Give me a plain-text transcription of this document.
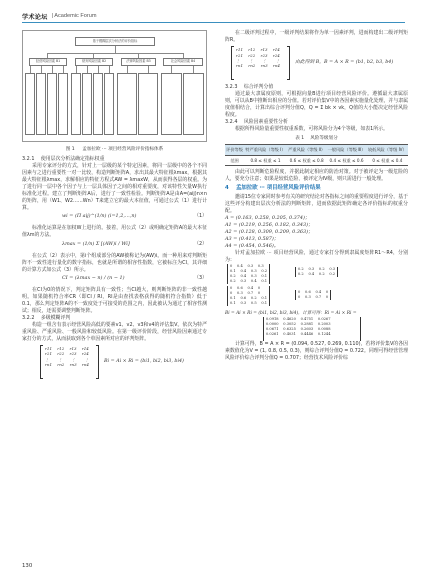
学术论坛 | Academic Forum
基于模糊层次分析法的评价指标
经营风险因素 B1	财务风险因素 B2	法律风险因素 B3	社会风险因素 B4
图 1 　 孟加拉欧 ⋯ 项目经营风险评价指标体系

3.2.1 　使用层次分析法确定指标权重

采用专家评分的方式，针对上一层级的某个特定因素，将同一层级中的各个不同因素与之进行重要性一对一比较，构造判断矩阵A，求出其最大特征根λmax，根据其最大特征根λmax，求解相应的特征方程式AW = λmaxW，从而获得各层的权重。为了进行同一层中各个因子与上一层具体因子之间的相对重要度，对该特性矢量W执行标准化过程。建立了判断矩阵A后，进行了一致性检验。判断矩阵A是由A=(aij)n×n的矩阵，用（W1、W2……Wn）T来建立它的最大本征值，可通过公式（1）进行计算。

wi = (Π aij)^(1/n) (i=1,2,…,n)	（1）

标准化运算是在加权W上进行的。接着，用公式（2）或明确定矩阵A的最大本征值λm的方法。

λmax = (1/n) Σ [(AW)i / Wi]	（2）

在公式（2）表示中，第i个组成部分的AW被称记为(AW)i。而一种用来对判断矩阵不一致性进行量化的数字指标，也就是所谓的相容性指数，它被标注为CI，其详细的计算方式如公式（3）所示。

CI = (λmax − n) / (n − 1)	（3）

在CI为0的情况下，判定矩阵具有一致性；当CI越大，则判断矩阵的非一致性越明。如果随机符合率CR（即CI / RI，RI是由查找表格获得的随机符合指数）低于0.1，那么判定矩阵A的不一致度处于可接受的范围之内，因此被认为通过了相容性测试；相反，还需要调整判断矩阵。

3.2.2 　多级模糊评判

构造一组含有表示经营风险高低的要素v1、v2、v3和v4的评估集V。依次为特严重风险、严重风险、一般风险和较低风险。在第一级评价阶段，经营风险因素通过专家打分的方式，从而获取到各个单因素所对应的评判矩阵。

r11 　r12 　r13 　r14
r21 　r22 　r23 　r24
⋮ 　　⋮ 　　⋮ 　　⋮
rn1 　rn2 　rn3 　rn4
Bi = Ai × Ri = (bi1, bi2, bi3, bi4)

在二级评判过程中，一级评判结果将作为单一因素评判，进而构建出二级评判矩阵R。

r11 　r12 　r13 　r14
r21 　r22 　r23 　r24
⋮ 　　⋮ 　　⋮ 　　⋮
rn1 　rn2 　rn3 　rn4
由此得到 B，B = A × R = (b1, b2, b3, b4)

3.2.3 　综合评判分值

通过最大隶属度原则，可根据向量B进行项目经营风险评价。遵循最大隶属原则，可以从B中推断出相应的分值。若对评价集V中的各因素实施量化处理，并与隶属度值相结合，计算出综合评判分值Q，Q = Σ bk × vk，Q值的大小能决定经营风险程度。

3.2.4 　风险因素重要性分析

根据所得风险量重要性权重系数，可将风险分为4个等级，如表1所示。

表 1 　风险等级划分
评价等级	特严重风险（等级 Ⅰ）	严重风险（等级 Ⅱ）	一般风险（等级 Ⅲ）	较低风险（等级 Ⅳ）
范围	0.8 ≤ 权重 ≤ 1	0.6 ≤ 权重 ≤ 0.8	0.4 ≤ 权重 ≤ 0.6	0 ≤ 权重 ≤ 0.4

由此可以判断危险程度，并据此制定相应的防治对策。对于被评定为一级危险的人，要充分注意；如果是较低危险，被评定为Ⅳ级，则只需进行一般处理。

4 　孟加拉欧 ⋯ 项目经营风险评价结果

邀请15位专家同时参考有关的研究结论对各指标之间的重要程度进行评分，基于这些评分构建出层次分析法的判断矩阵，进而依据此矩阵确定各评价指标的权重分配。

A = (0.163, 0.258, 0.205, 0.374)；
A1 = (0.219, 0.256, 0.182, 0.343)；
A2 = (0.128, 0.309, 0.209, 0.363)；
A3 = (0.413, 0.587)；
A4 = (0.454, 0.546)。

针对孟加拉欧 ⋯ 项目经营风险，通过专家打分得到隶属度矩阵R1～R4，分别为：

0 　0.4 　0.3 　0.3
0.1 　0.4 　0.3 　0.2
0.2 　0.4 　0.3 　0.1
0.2 　0.3 　0.4 　0.1
0.2 　0.3 　0.2 　0.3
0.2 　0.4 　0.2 　0.2
0 　0.6 　0.4 　0
0 　0.3 　0.7 　0
0.1 　0.6 　0.2 　0.1
0.1 　0.3 　0.5 　0.1
0 　0.6 　0.4 　0
0 　0.3 　0.7 　0
Bi = Ai × Ri = (bi1, bi2, bi3, bi4)，计算可得：Ri = Ai × Ri =
0.0918 　0.4620 　0.4751 　0.0267
0.0000 　0.3052 　0.2881 　0.2003
0.0671 　0.6325 　0.2603 　0.0088
0.0261 　0.4031 　0.4446 　0.1244

计算可得，B = A × R = (0.094, 0.527, 0.269, 0.110)，若将评价集V的各因素数值化为V = (1, 0.8, 0.5, 0.3)，则综合评判分值Q = 0.722。同理可得经营管理风险评价综合评判分值Q = 0.707；经营技术风险评价综

130
